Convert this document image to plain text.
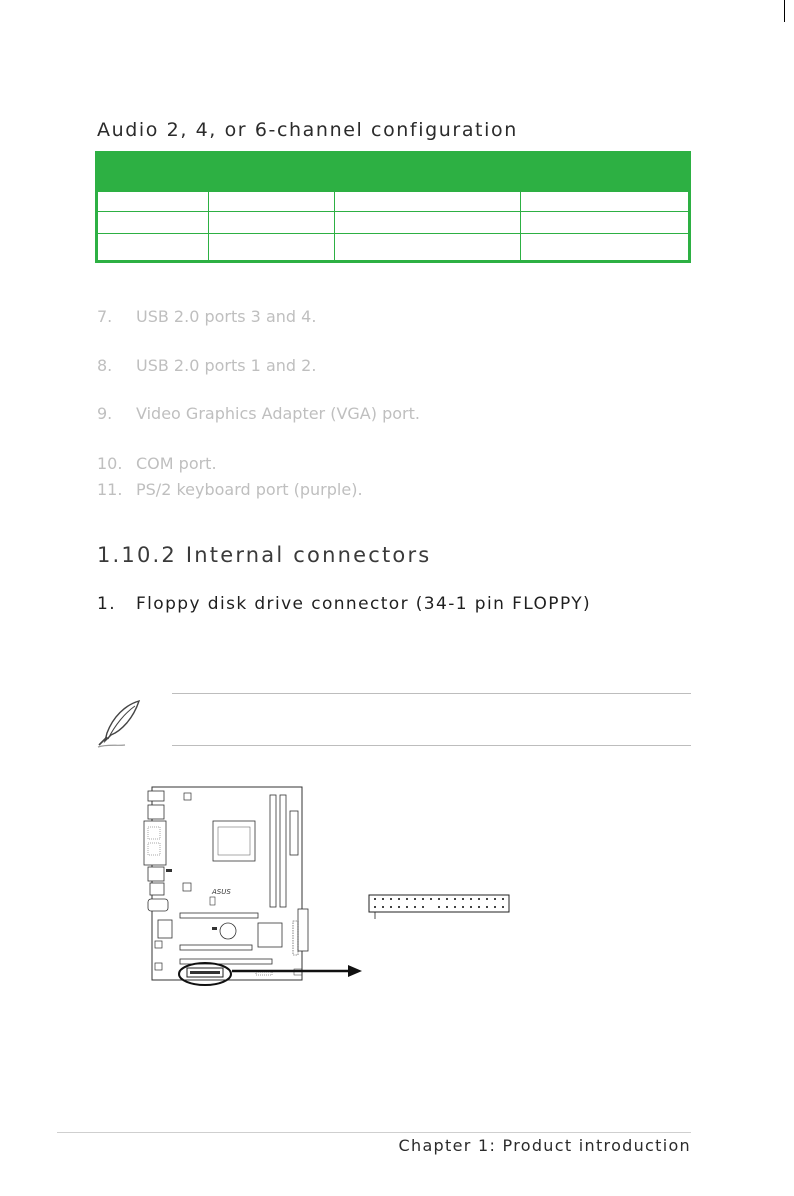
Audio 2, 4, or 6-channel configuration
7.	USB 2.0 ports 3 and 4.
8.	USB 2.0 ports 1 and 2.
9.	Video Graphics Adapter (VGA) port.
10. COM port.
11. PS/2 keyboard port (purple).
1.10.2 Internal connectors
1.	Floppy disk drive connector (34-1 pin FLOPPY)
ASUS
Chapter 1: Product introduction
